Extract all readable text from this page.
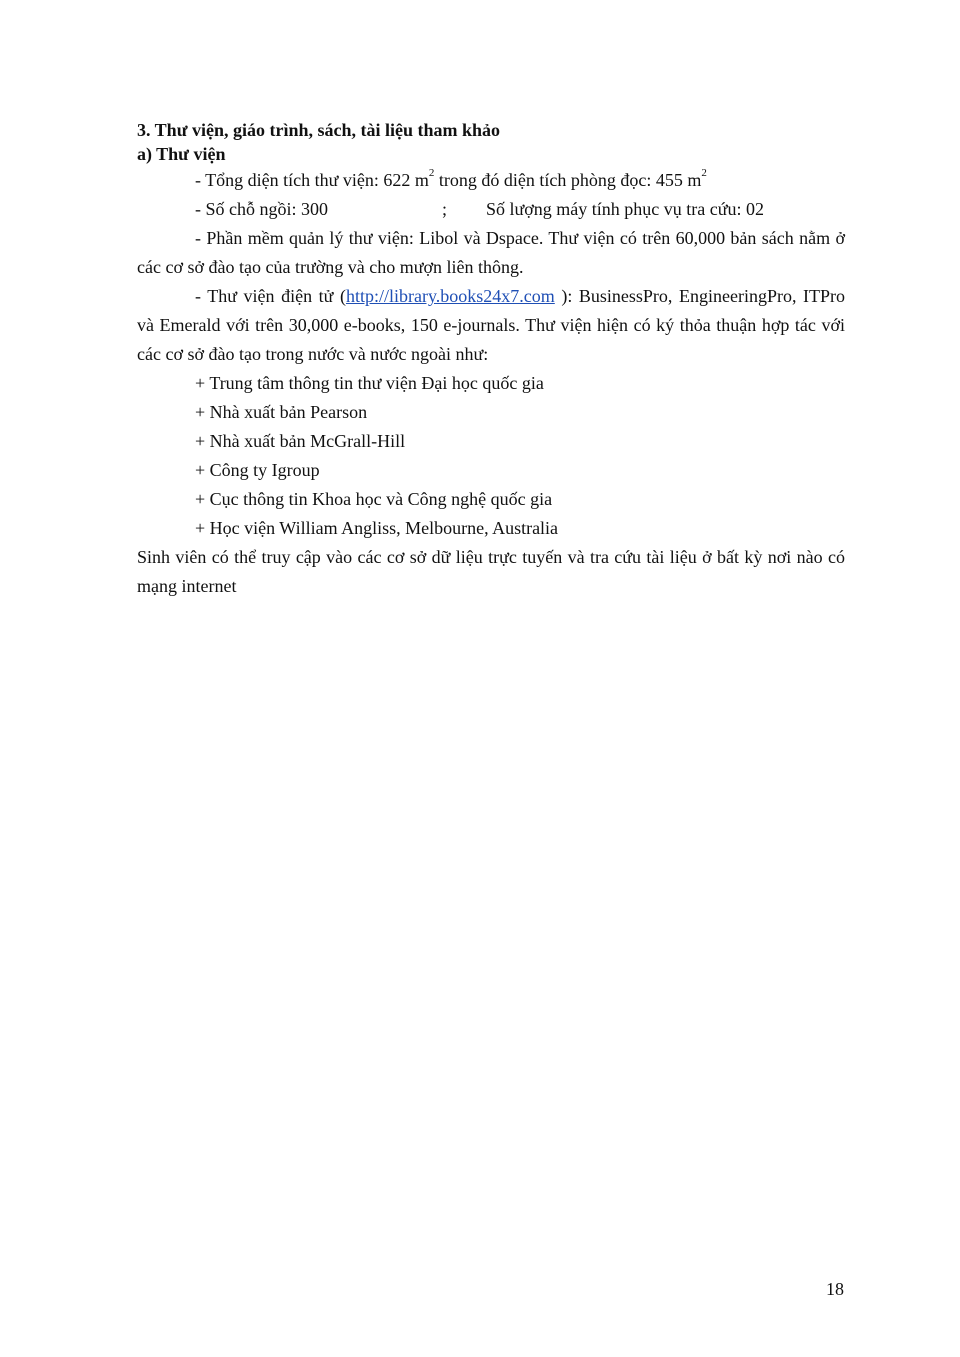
3. Thư viện, giáo trình, sách, tài liệu tham khảo

a) Thư viện

- Tổng diện tích thư viện: 622 $m^2$ trong đó diện tích phòng đọc: 455 $m^2$

- Số chỗ ngồi: 300	; Số lượng máy tính phục vụ tra cứu: 02

- Phần mềm quản lý thư viện: Libol và Dspace. Thư viện có trên 60,000 bản sách nằm ở các cơ sở đào tạo của trường và cho mượn liên thông.

- Thư viện điện tử (http://library.books24x7.com ): BusinessPro, EngineeringPro, ITPro và Emerald với trên 30,000 e-books, 150 e-journals. Thư viện hiện có ký thỏa thuận hợp tác với các cơ sở đào tạo trong nước và nước ngoài như:

+ Trung tâm thông tin thư viện Đại học quốc gia

+ Nhà xuất bản Pearson

+ Nhà xuất bản McGrall-Hill

+ Công ty Igroup

+ Cục thông tin Khoa học và Công nghệ quốc gia

+ Học viện William Angliss, Melbourne, Australia

Sinh viên có thể truy cập vào các cơ sở dữ liệu trực tuyến và tra cứu tài liệu ở bất kỳ nơi nào có mạng internet

18
